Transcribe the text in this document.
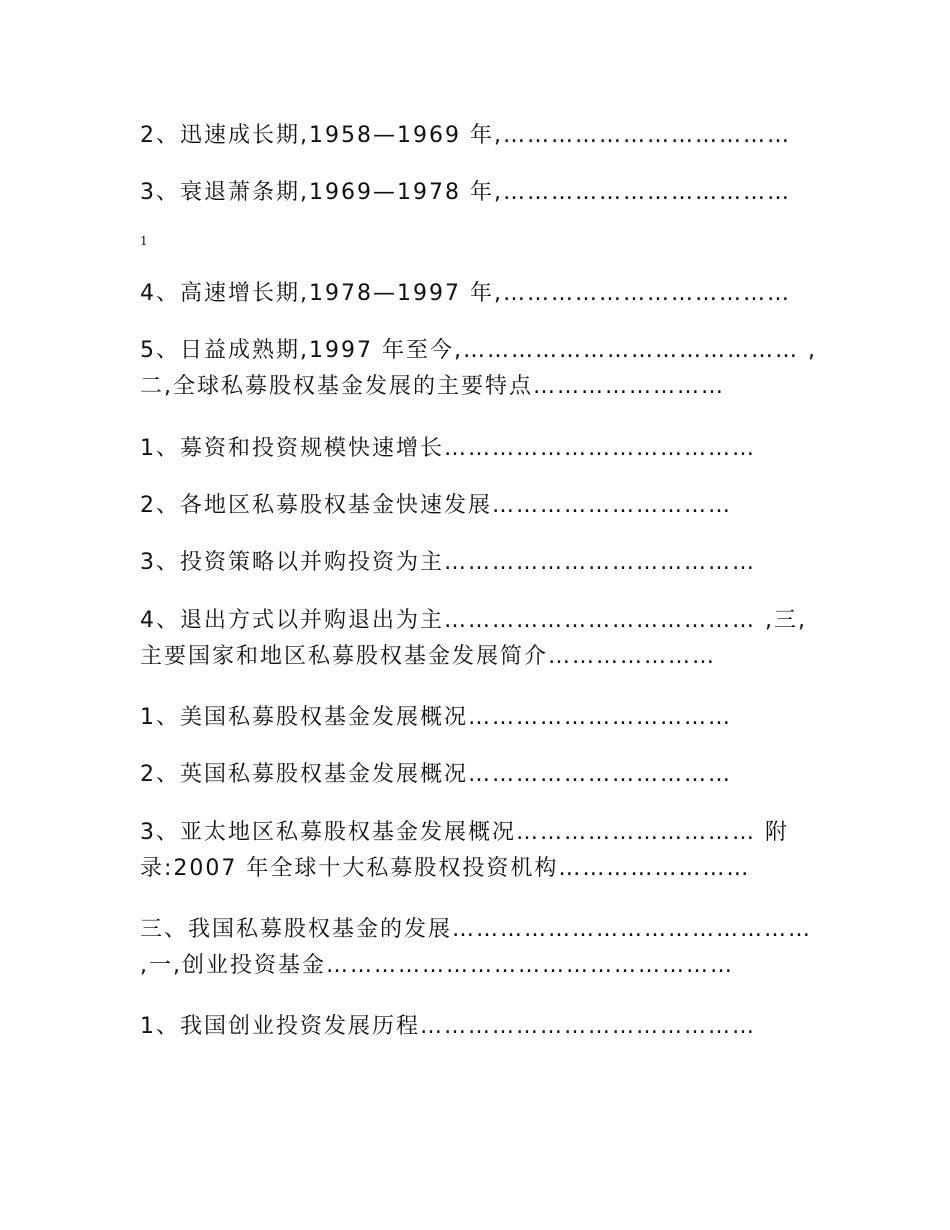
2、迅速成长期,1958—1969 年,………………………………
3、衰退萧条期,1969—1978 年,………………………………
1
4、高速增长期,1978—1997 年,………………………………
5、日益成熟期,1997 年至今,…………………………………… ,二,全球私募股权基金发展的主要特点……………………
1、募资和投资规模快速增长…………………………………
2、各地区私募股权基金快速发展…………………………
3、投资策略以并购投资为主…………………………………
4、退出方式以并购退出为主………………………………… ,三,主要国家和地区私募股权基金发展简介…………………
1、美国私募股权基金发展概况……………………………
2、英国私募股权基金发展概况……………………………
3、亚太地区私募股权基金发展概况………………………… 附录:2007 年全球十大私募股权投资机构……………………
三、我国私募股权基金的发展……………………………………… ,一,创业投资基金……………………………………………
1、我国创业投资发展历程……………………………………
